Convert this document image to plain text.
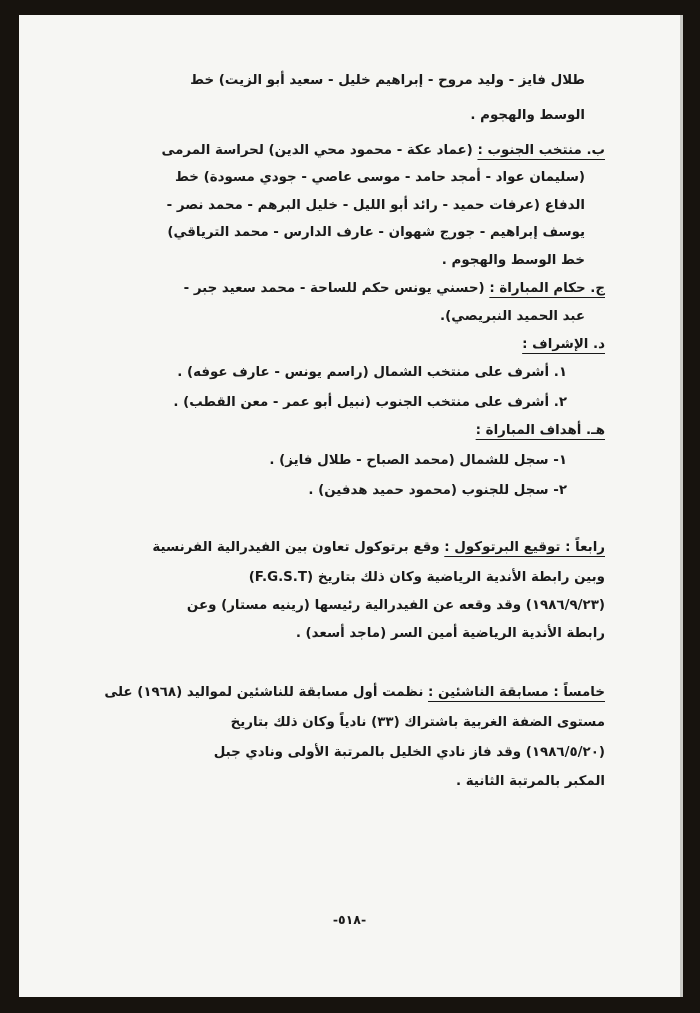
طلال فايز - وليد مروح - إبراهيم خليل - سعيد أبو الزيت) خط
الوسط والهجوم .
ب. منتخب الجنوب : (عماد عكة - محمود محي الدين) لحراسة المرمى
(سليمان عواد - أمجد حامد - موسى عاصي - جودي مسودة) خط
الدفاع (عرفات حميد - رائد أبو الليل - خليل البرهم - محمد نصر -
يوسف إبراهيم - جورج شهوان - عارف الدارس - محمد الترياقي)
خط الوسط والهجوم .
ج. حكام المباراة : (حسني يونس حكم للساحة - محمد سعيد جبر -
عبد الحميد النبريصي).
د. الإشراف :
١. أشرف على منتخب الشمال (راسم يونس - عارف عوفه) .
٢. أشرف على منتخب الجنوب (نبيل أبو عمر - معن القطب) .
هـ. أهداف المباراة :
١- سجل للشمال (محمد الصباح - طلال فايز) .
٢- سجل للجنوب (محمود حميد هدفين) .
رابعاً : توقيع البرتوكول : وقع برتوكول تعاون بين الفيدرالية الفرنسية
(F.G.S.T) وبين رابطة الأندية الرياضية وكان ذلك بتاريخ
(١٩٨٦/٩/٢٣) وقد وقعه عن الفيدرالية رئيسها (رينيه مستار) وعن
رابطة الأندية الرياضية أمين السر (ماجد أسعد) .
خامساً : مسابقة الناشئين : نظمت أول مسابقة للناشئين لمواليد (١٩٦٨) على
مستوى الضفة الغربية باشتراك (٣٣) نادياً وكان ذلك بتاريخ
(١٩٨٦/٥/٢٠) وقد فاز نادي الخليل بالمرتبة الأولى ونادي جبل
المكبر بالمرتبة الثانية .
-٥١٨-
